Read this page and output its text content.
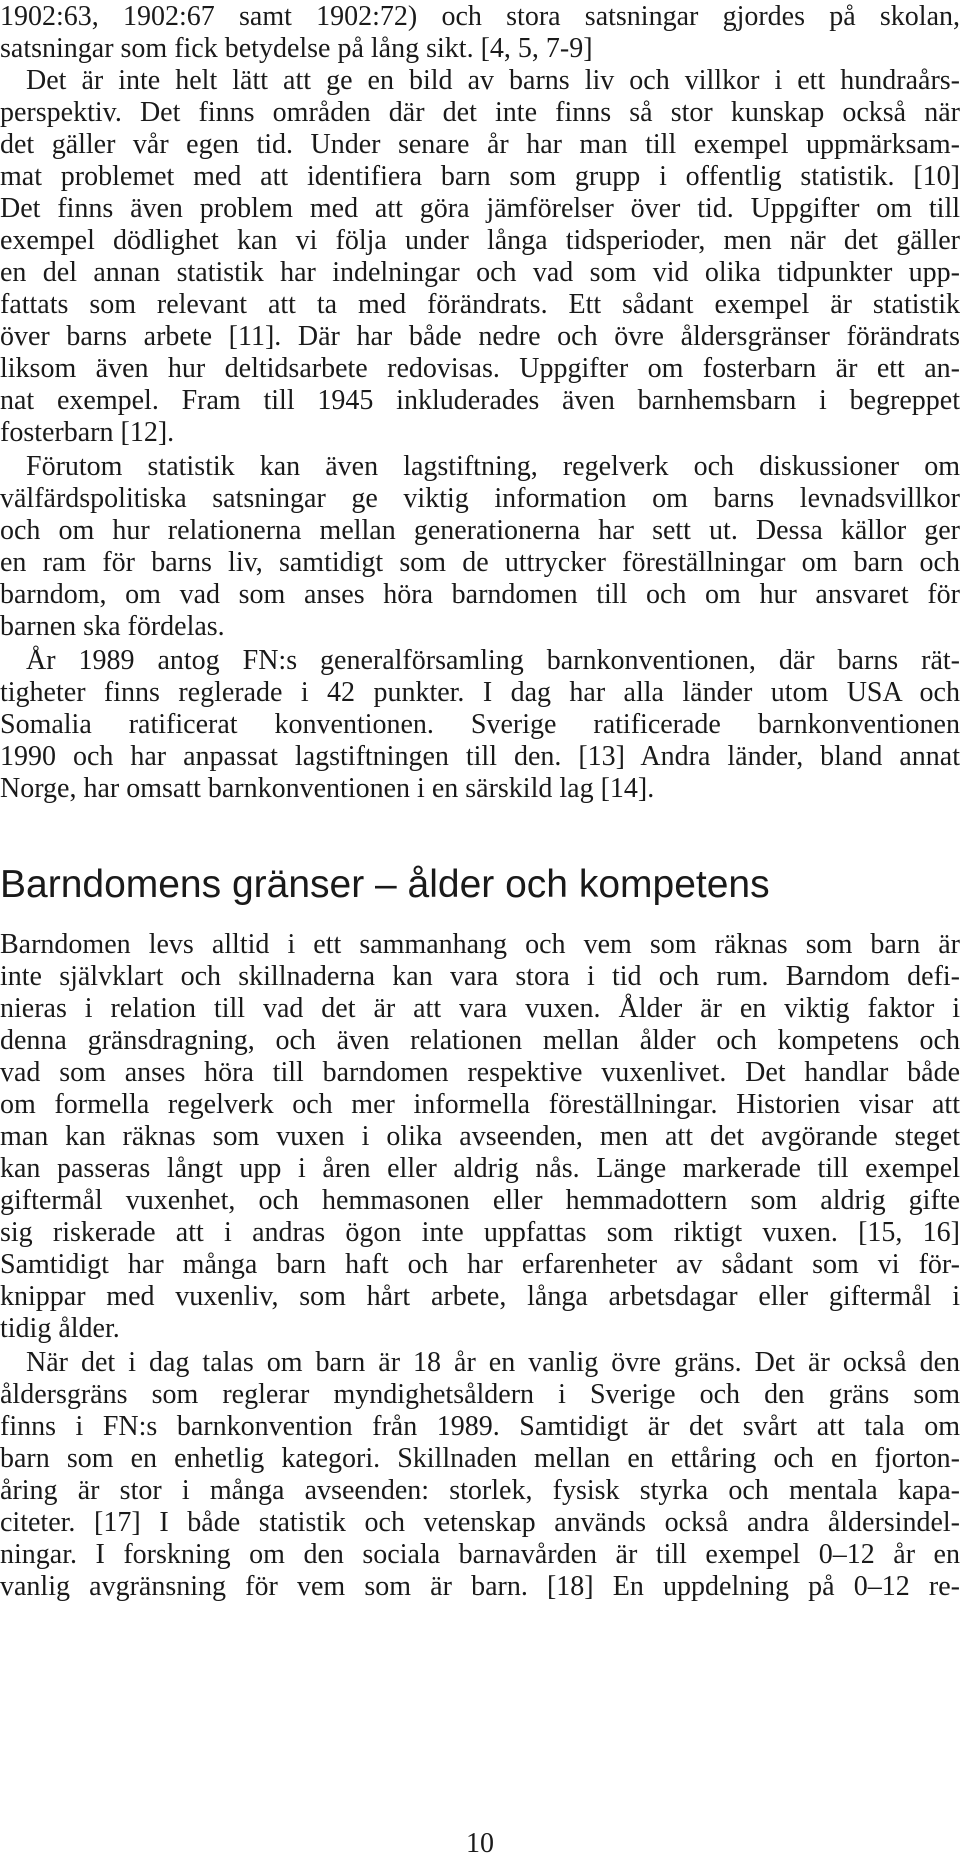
1902:63, 1902:67 samt 1902:72) och stora satsningar gjordes på skolan,

satsningar som fick betydelse på lång sikt. [4, 5, 7-9]

Det är inte helt lätt att ge en bild av barns liv och villkor i ett hundraårs-

perspektiv. Det finns områden där det inte finns så stor kunskap också när

det gäller vår egen tid. Under senare år har man till exempel uppmärksam-

mat problemet med att identifiera barn som grupp i offentlig statistik. [10]

Det finns även problem med att göra jämförelser över tid. Uppgifter om till

exempel dödlighet kan vi följa under långa tidsperioder, men när det gäller

en del annan statistik har indelningar och vad som vid olika tidpunkter upp-

fattats som relevant att ta med förändrats. Ett sådant exempel är statistik

över barns arbete [11]. Där har både nedre och övre åldersgränser förändrats

liksom även hur deltidsarbete redovisas. Uppgifter om fosterbarn är ett an-

nat exempel. Fram till 1945 inkluderades även barnhemsbarn i begreppet

fosterbarn [12].

Förutom statistik kan även lagstiftning, regelverk och diskussioner om

välfärdspolitiska satsningar ge viktig information om barns levnadsvillkor

och om hur relationerna mellan generationerna har sett ut. Dessa källor ger

en ram för barns liv, samtidigt som de uttrycker föreställningar om barn och

barndom, om vad som anses höra barndomen till och om hur ansvaret för

barnen ska fördelas.

År 1989 antog FN:s generalförsamling barnkonventionen, där barns rät-

tigheter finns reglerade i 42 punkter. I dag har alla länder utom USA och

Somalia ratificerat konventionen. Sverige ratificerade barnkonventionen

1990 och har anpassat lagstiftningen till den. [13] Andra länder, bland annat

Norge, har omsatt barnkonventionen i en särskild lag [14].

Barndomens gränser – ålder och kompetens

Barndomen levs alltid i ett sammanhang och vem som räknas som barn är

inte självklart och skillnaderna kan vara stora i tid och rum. Barndom defi-

nieras i relation till vad det är att vara vuxen. Ålder är en viktig faktor i

denna gränsdragning, och även relationen mellan ålder och kompetens och

vad som anses höra till barndomen respektive vuxenlivet. Det handlar både

om formella regelverk och mer informella föreställningar. Historien visar att

man kan räknas som vuxen i olika avseenden, men att det avgörande steget

kan passeras långt upp i åren eller aldrig nås. Länge markerade till exempel

giftermål vuxenhet, och hemmasonen eller hemmadottern som aldrig gifte

sig riskerade att i andras ögon inte uppfattas som riktigt vuxen. [15, 16]

Samtidigt har många barn haft och har erfarenheter av sådant som vi för-

knippar med vuxenliv, som hårt arbete, långa arbetsdagar eller giftermål i

tidig ålder.

När det i dag talas om barn är 18 år en vanlig övre gräns. Det är också den

åldersgräns som reglerar myndighetsåldern i Sverige och den gräns som

finns i FN:s barnkonvention från 1989. Samtidigt är det svårt att tala om

barn som en enhetlig kategori. Skillnaden mellan en ettåring och en fjorton-

åring är stor i många avseenden: storlek, fysisk styrka och mentala kapa-

citeter. [17] I både statistik och vetenskap används också andra åldersindel-

ningar. I forskning om den sociala barnavården är till exempel 0–12 år en

vanlig avgränsning för vem som är barn. [18] En uppdelning på 0–12 re-

10
